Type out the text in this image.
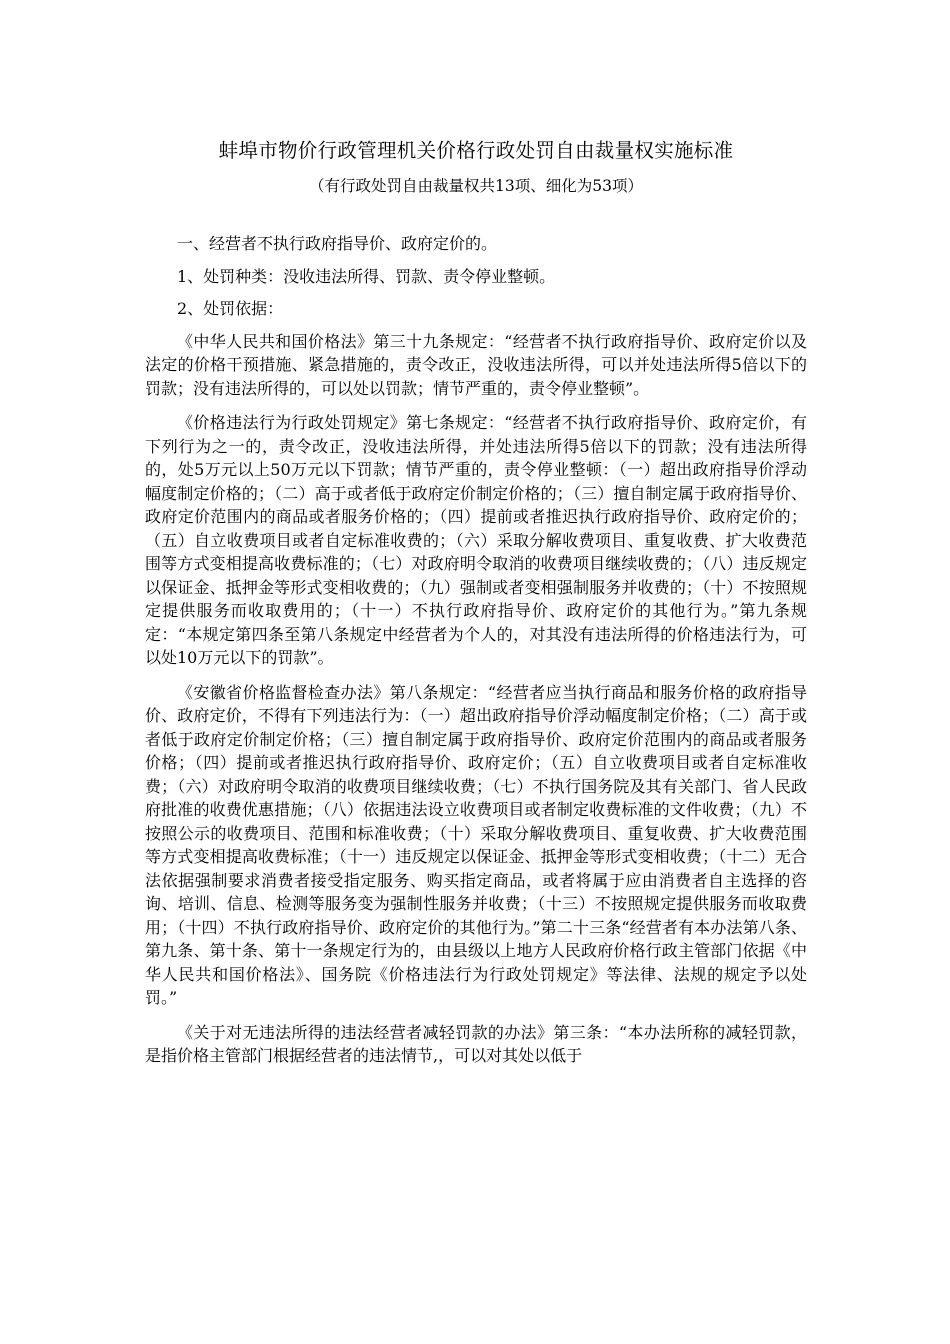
蚌埠市物价行政管理机关价格行政处罚自由裁量权实施标准

（有行政处罚自由裁量权共13项、细化为53项）

一、经营者不执行政府指导价、政府定价的。

1、处罚种类：没收违法所得、罚款、责令停业整顿。

2、处罚依据：

《中华人民共和国价格法》第三十九条规定：“经营者不执行政府指导价、政府定价以及法定的价格干预措施、紧急措施的，责令改正，没收违法所得，可以并处违法所得5倍以下的罚款；没有违法所得的，可以处以罚款；情节严重的，责令停业整顿”。

《价格违法行为行政处罚规定》第七条规定：“经营者不执行政府指导价、政府定价，有下列行为之一的，责令改正，没收违法所得，并处违法所得5倍以下的罚款；没有违法所得的，处5万元以上50万元以下罚款；情节严重的，责令停业整顿：（一）超出政府指导价浮动幅度制定价格的；（二）高于或者低于政府定价制定价格的；（三）擅自制定属于政府指导价、政府定价范围内的商品或者服务价格的；（四）提前或者推迟执行政府指导价、政府定价的；（五）自立收费项目或者自定标准收费的；（六）采取分解收费项目、重复收费、扩大收费范围等方式变相提高收费标准的；（七）对政府明令取消的收费项目继续收费的；（八）违反规定以保证金、抵押金等形式变相收费的；（九）强制或者变相强制服务并收费的；（十）不按照规定提供服务而收取费用的；（十一）不执行政府指导价、政府定价的其他行为。”第九条规定：“本规定第四条至第八条规定中经营者为个人的，对其没有违法所得的价格违法行为，可以处10万元以下的罚款”。

《安徽省价格监督检查办法》第八条规定：“经营者应当执行商品和服务价格的政府指导价、政府定价，不得有下列违法行为：（一）超出政府指导价浮动幅度制定价格；（二）高于或者低于政府定价制定价格；（三）擅自制定属于政府指导价、政府定价范围内的商品或者服务价格；（四）提前或者推迟执行政府指导价、政府定价；（五）自立收费项目或者自定标准收费；（六）对政府明令取消的收费项目继续收费；（七）不执行国务院及其有关部门、省人民政府批准的收费优惠措施；（八）依据违法设立收费项目或者制定收费标准的文件收费；（九）不按照公示的收费项目、范围和标准收费；（十）采取分解收费项目、重复收费、扩大收费范围等方式变相提高收费标准；（十一）违反规定以保证金、抵押金等形式变相收费；（十二）无合法依据强制要求消费者接受指定服务、购买指定商品，或者将属于应由消费者自主选择的咨询、培训、信息、检测等服务变为强制性服务并收费；（十三）不按照规定提供服务而收取费用；（十四）不执行政府指导价、政府定价的其他行为。”第二十三条“经营者有本办法第八条、第九条、第十条、第十一条规定行为的，由县级以上地方人民政府价格行政主管部门依据《中华人民共和国价格法》、国务院《价格违法行为行政处罚规定》等法律、法规的规定予以处罚。”

《关于对无违法所得的违法经营者减轻罚款的办法》第三条：“本办法所称的减轻罚款，是指价格主管部门根据经营者的违法情节,，可以对其处以低于
